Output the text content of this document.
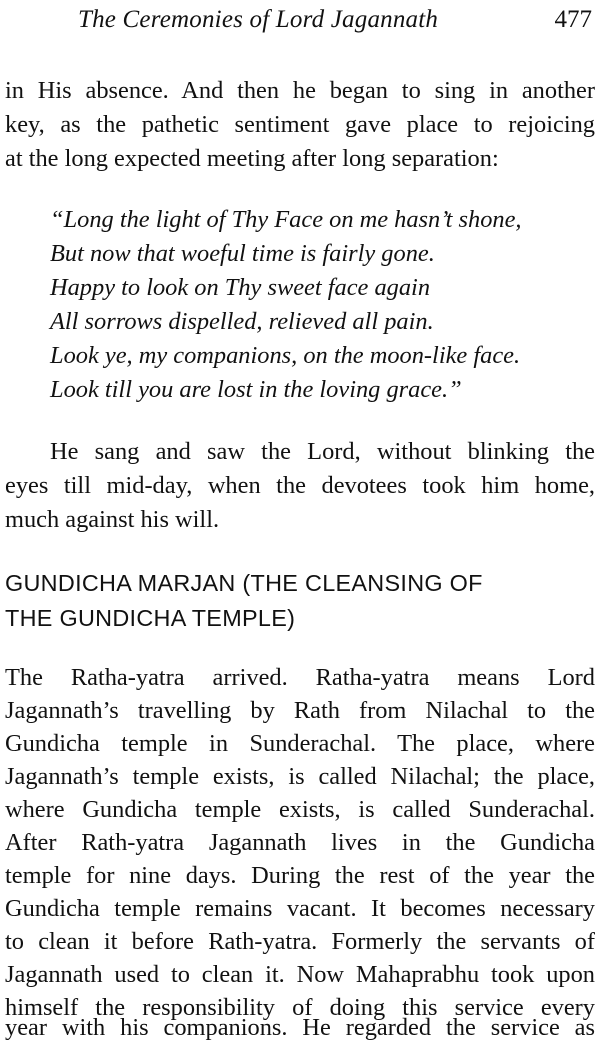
The Ceremonies of Lord Jagannath	477
in His absence. And then he began to sing in another
key, as the pathetic sentiment gave place to rejoicing
at the long expected meeting after long separation:
“Long the light of Thy Face on me hasn’t shone,
But now that woeful time is fairly gone.
Happy to look on Thy sweet face again
All sorrows dispelled, relieved all pain.
Look ye, my companions, on the moon-like face.
Look till you are lost in the loving grace.”
He sang and saw the Lord, without blinking the
eyes till mid-day, when the devotees took him home,
much against his will.
GUNDICHA MARJAN (THE CLEANSING OF
THE GUNDICHA TEMPLE)
The Ratha-yatra arrived. Ratha-yatra means Lord
Jagannath’s travelling by Rath from Nilachal to the
Gundicha temple in Sunderachal. The place, where
Jagannath’s temple exists, is called Nilachal; the place,
where Gundicha temple exists, is called Sunderachal.
After Rath-yatra Jagannath lives in the Gundicha
temple for nine days. During the rest of the year the
Gundicha temple remains vacant. It becomes necessary
to clean it before Rath-yatra. Formerly the servants of
Jagannath used to clean it. Now Mahaprabhu took upon
himself the responsibility of doing this service every
year with his companions. He regarded the service as
